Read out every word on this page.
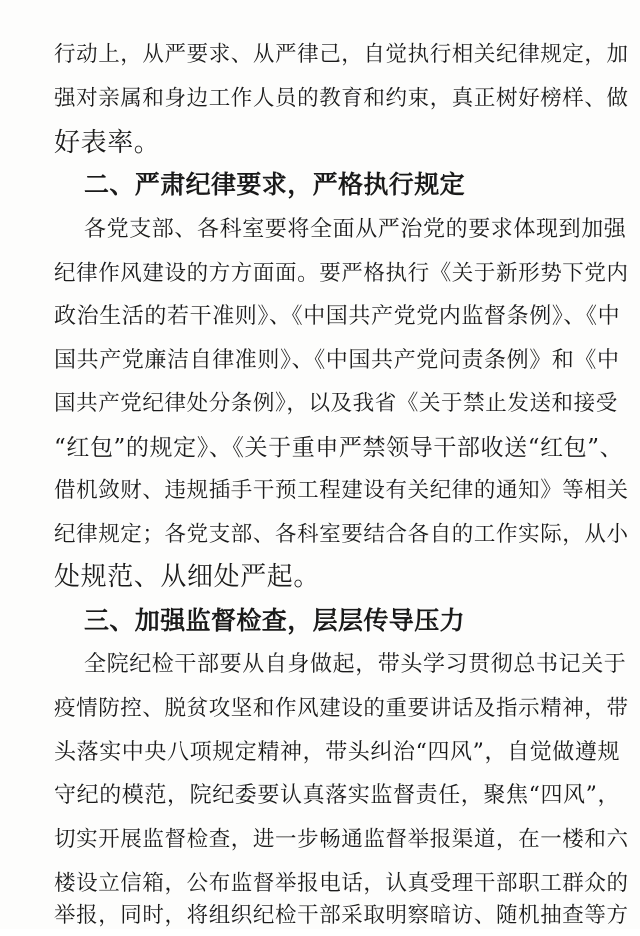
行动上，从严要求、从严律己，自觉执行相关纪律规定，加
强对亲属和身边工作人员的教育和约束，真正树好榜样、做
好表率。
二、严肃纪律要求，严格执行规定
各党支部、各科室要将全面从严治党的要求体现到加强
纪律作风建设的方方面面。要严格执行《关于新形势下党内
政治生活的若干准则》、《中国共产党党内监督条例》、《中
国共产党廉洁自律准则》、《中国共产党问责条例》和《中
国共产党纪律处分条例》，以及我省《关于禁止发送和接受
“红包”的规定》、《关于重申严禁领导干部收送“红包”、
借机敛财、违规插手干预工程建设有关纪律的通知》等相关
纪律规定；各党支部、各科室要结合各自的工作实际，从小
处规范、从细处严起。
三、加强监督检查，层层传导压力
全院纪检干部要从自身做起，带头学习贯彻总书记关于
疫情防控、脱贫攻坚和作风建设的重要讲话及指示精神，带
头落实中央八项规定精神，带头纠治“四风”，自觉做遵规
守纪的模范，院纪委要认真落实监督责任，聚焦“四风”，
切实开展监督检查，进一步畅通监督举报渠道，在一楼和六
楼设立信箱，公布监督举报电话，认真受理干部职工群众的
举报，同时，将组织纪检干部采取明察暗访、随机抽查等方
